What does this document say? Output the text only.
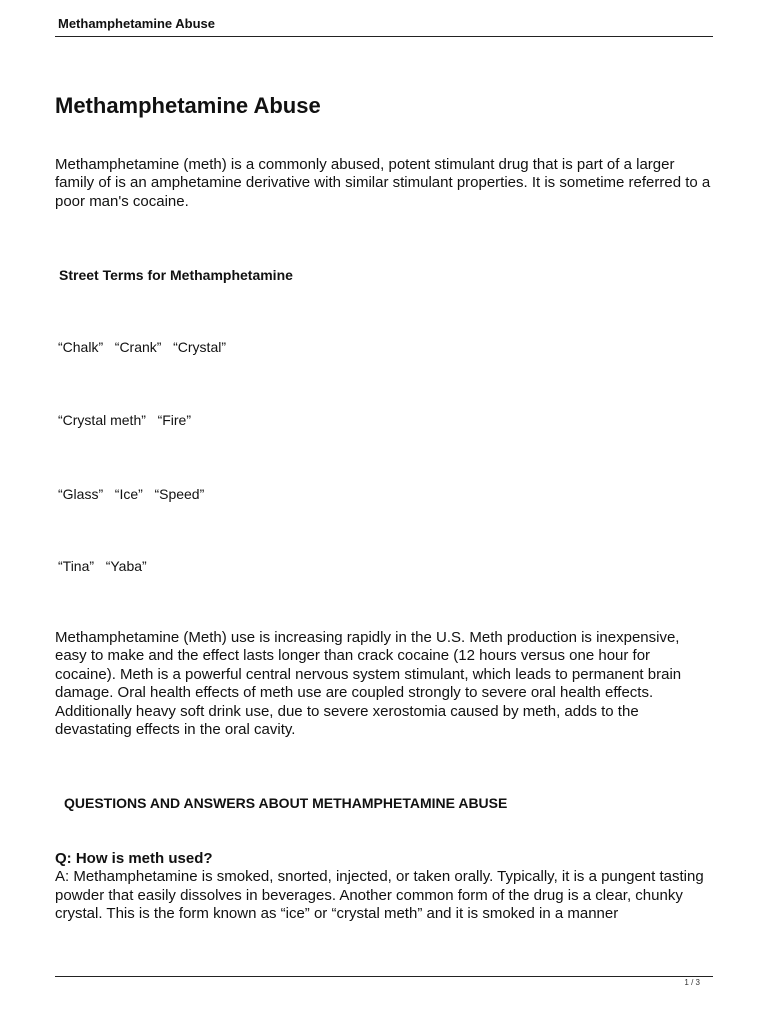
Methamphetamine Abuse
Methamphetamine Abuse

Methamphetamine (meth) is a commonly abused, potent stimulant drug that is part of a larger family of is an amphetamine derivative with similar stimulant properties. It is sometime referred to a poor man's cocaine.

Street Terms for Methamphetamine

“Chalk”   “Crank”   “Crystal”

“Crystal meth”   “Fire”

“Glass”   “Ice”   “Speed”

“Tina”   “Yaba”

Methamphetamine (Meth) use is increasing rapidly in the U.S. Meth production is inexpensive, easy to make and the effect lasts longer than crack cocaine (12 hours versus one hour for cocaine). Meth is a powerful central nervous system stimulant, which leads to permanent brain damage. Oral health effects of meth use are coupled strongly to severe oral health effects. Additionally heavy soft drink use, due to severe xerostomia caused by meth, adds to the devastating effects in the oral cavity.

QUESTIONS AND ANSWERS ABOUT METHAMPHETAMINE ABUSE
Q: How is meth used?
A: Methamphetamine is smoked, snorted, injected, or taken orally. Typically, it is a pungent tasting powder that easily dissolves in beverages. Another common form of the drug is a clear, chunky crystal. This is the form known as “ice” or “crystal meth” and it is smoked in a manner
1 / 3
